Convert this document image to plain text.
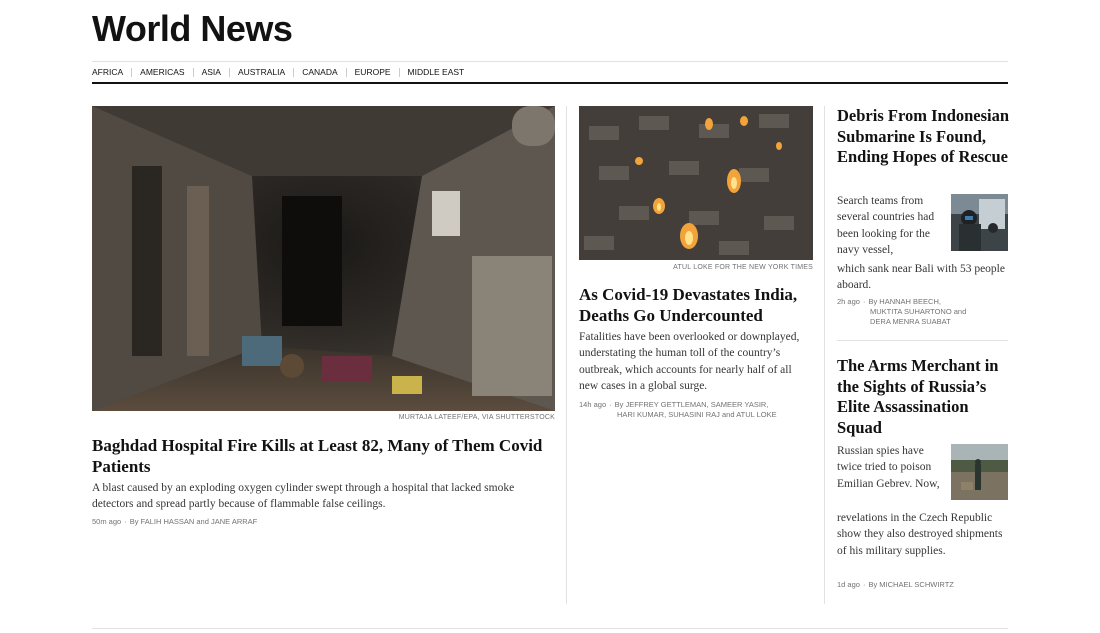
World News
AFRICA AMERICAS ASIA AUSTRALIA CANADA EUROPE MIDDLE EAST
MURTAJA LATEEF/EPA, VIA SHUTTERSTOCK
Baghdad Hospital Fire Kills at Least 82, Many of Them Covid Patients

A blast caused by an exploding oxygen cylinder swept through a hospital that lacked smoke detectors and spread partly because of flammable false ceilings.

50m ago · By FALIH HASSAN and JANE ARRAF
ATUL LOKE FOR THE NEW YORK TIMES
As Covid-19 Devastates India, Deaths Go Undercounted

Fatalities have been overlooked or downplayed, understating the human toll of the country’s outbreak, which accounts for nearly half of all new cases in a global surge.

14h ago · By JEFFREY GETTLEMAN, SAMEER YASIR,
HARI KUMAR, SUHASINI RAJ and ATUL LOKE
Debris From Indonesian Submarine Is Found, Ending Hopes of Rescue

Search teams from several countries had been looking for the navy vessel,

which sank near Bali with 53 people aboard.

2h ago · By HANNAH BEECH,
MUKTITA SUHARTONO and
DERA MENRA SUABAT
The Arms Merchant in the Sights of Russia’s Elite Assassination Squad

Russian spies have twice tried to poison Emilian Gebrev. Now,

revelations in the Czech Republic show they also destroyed shipments of his military supplies.

1d ago · By MICHAEL SCHWIRTZ
